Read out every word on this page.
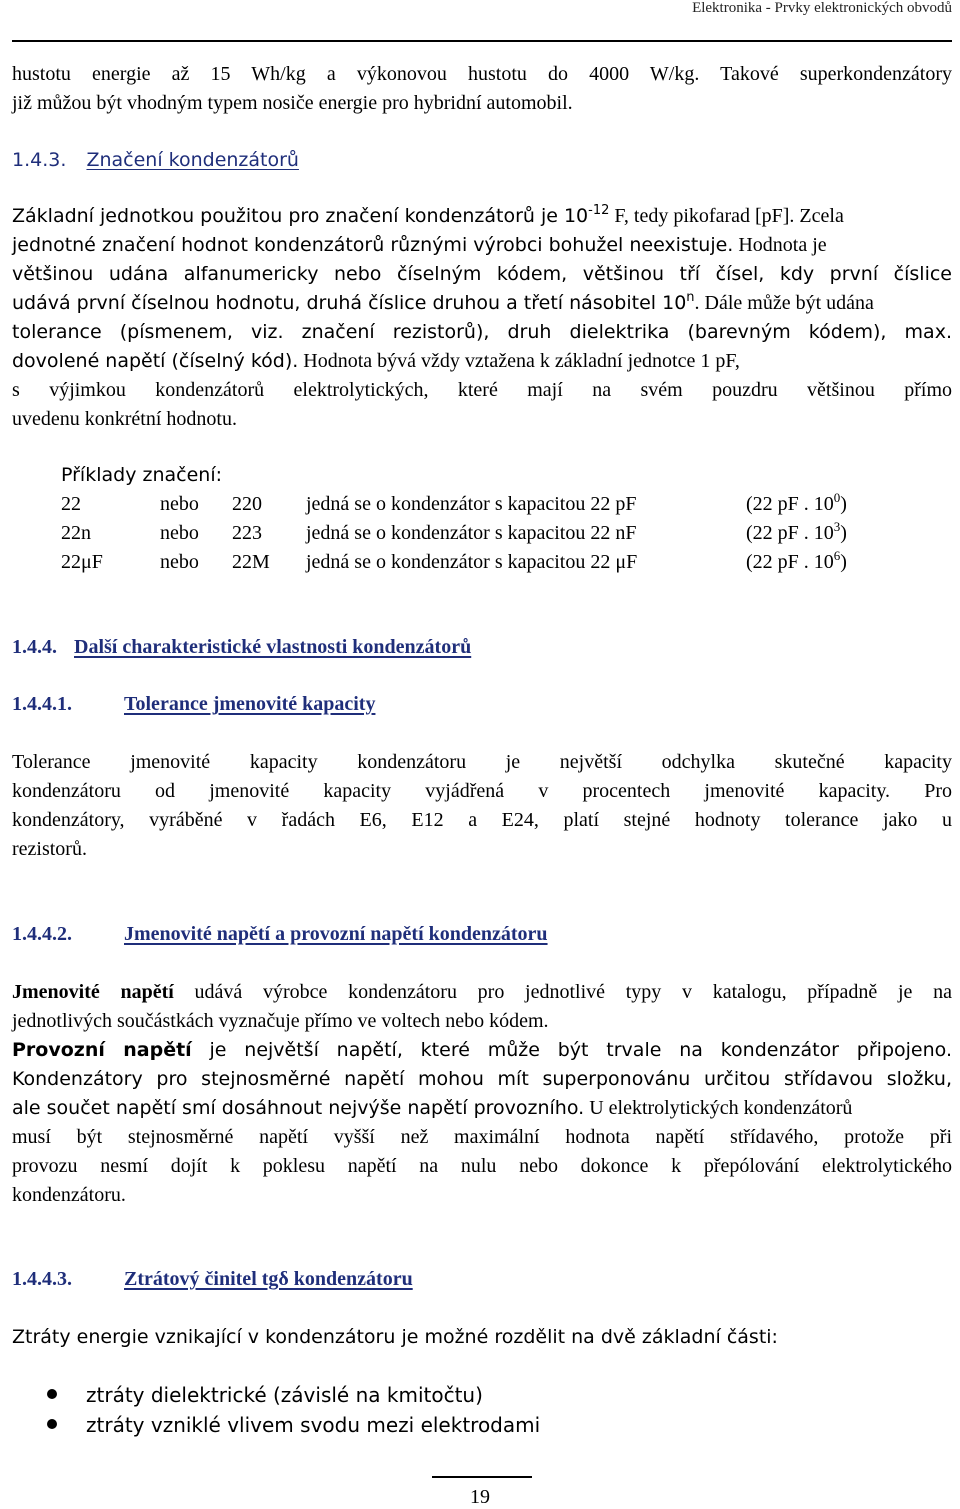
Elektronika - Prvky elektronických obvodů
hustotu energie až 15 Wh/kg a výkonovou hustotu do 4000 W/kg. Takové superkondenzátory
již můžou být vhodným typem nosiče energie pro hybridní automobil.
1.4.3. Značení kondenzátorů
Základní jednotkou použitou pro značení kondenzátorů je $10^{-12}$ F, tedy pikofarad [pF]. Zcela
jednotné značení hodnot kondenzátorů různými výrobci bohužel neexistuje. Hodnota je
většinou udána alfanumericky nebo číselným kódem, většinou tří čísel, kdy první číslice
udává první číselnou hodnotu, druhá číslice druhou a třetí násobitel 10$^n$. Dále může být udána
tolerance (písmenem, viz. značení rezistorů), druh dielektrika (barevným kódem), max.
dovolené napětí (číselný kód). Hodnota bývá vždy vztažena k základní jednotce 1 pF,
s výjimkou kondenzátorů elektrolytických, které mají na svém pouzdru většinou přímo
uvedenu konkrétní hodnotu.
Příklady značení:
22	nebo 220 jedná se o kondenzátor s kapacitou 22 pF	(22 pF . $10^0$)
22n	nebo 223 jedná se o kondenzátor s kapacitou 22 nF	(22 pF . $10^3$)
22μF	nebo 22M jedná se o kondenzátor s kapacitou 22 μF	(22 pF . $10^6$)
1.4.4. Další charakteristické vlastnosti kondenzátorů
1.4.4.1.	Tolerance jmenovité kapacity
Tolerance jmenovité kapacity kondenzátoru je největší odchylka skutečné kapacity
kondenzátoru od jmenovité kapacity vyjádřená v procentech jmenovité kapacity. Pro
kondenzátory, vyráběné v řadách E6, E12 a E24, platí stejné hodnoty tolerance jako u
rezistorů.
1.4.4.2.	Jmenovité napětí a provozní napětí kondenzátoru
Jmenovité napětí udává výrobce kondenzátoru pro jednotlivé typy v katalogu, případně je na
jednotlivých součástkách vyznačuje přímo ve voltech nebo kódem.
Provozní napětí je největší napětí, které může být trvale na kondenzátor připojeno.
Kondenzátory pro stejnosměrné napětí mohou mít superponovánu určitou střídavou složku,
ale součet napětí smí dosáhnout nejvýše napětí provozního. U elektrolytických kondenzátorů
musí být stejnosměrné napětí vyšší než maximální hodnota napětí střídavého, protože při
provozu nesmí dojít k poklesu napětí na nulu nebo dokonce k přepólování elektrolytického
kondenzátoru.
1.4.4.3.	Ztrátový činitel tgδ kondenzátoru
Ztráty energie vznikající v kondenzátoru je možné rozdělit na dvě základní části:
ztráty dielektrické (závislé na kmitočtu)
ztráty vzniklé vlivem svodu mezi elektrodami
19
